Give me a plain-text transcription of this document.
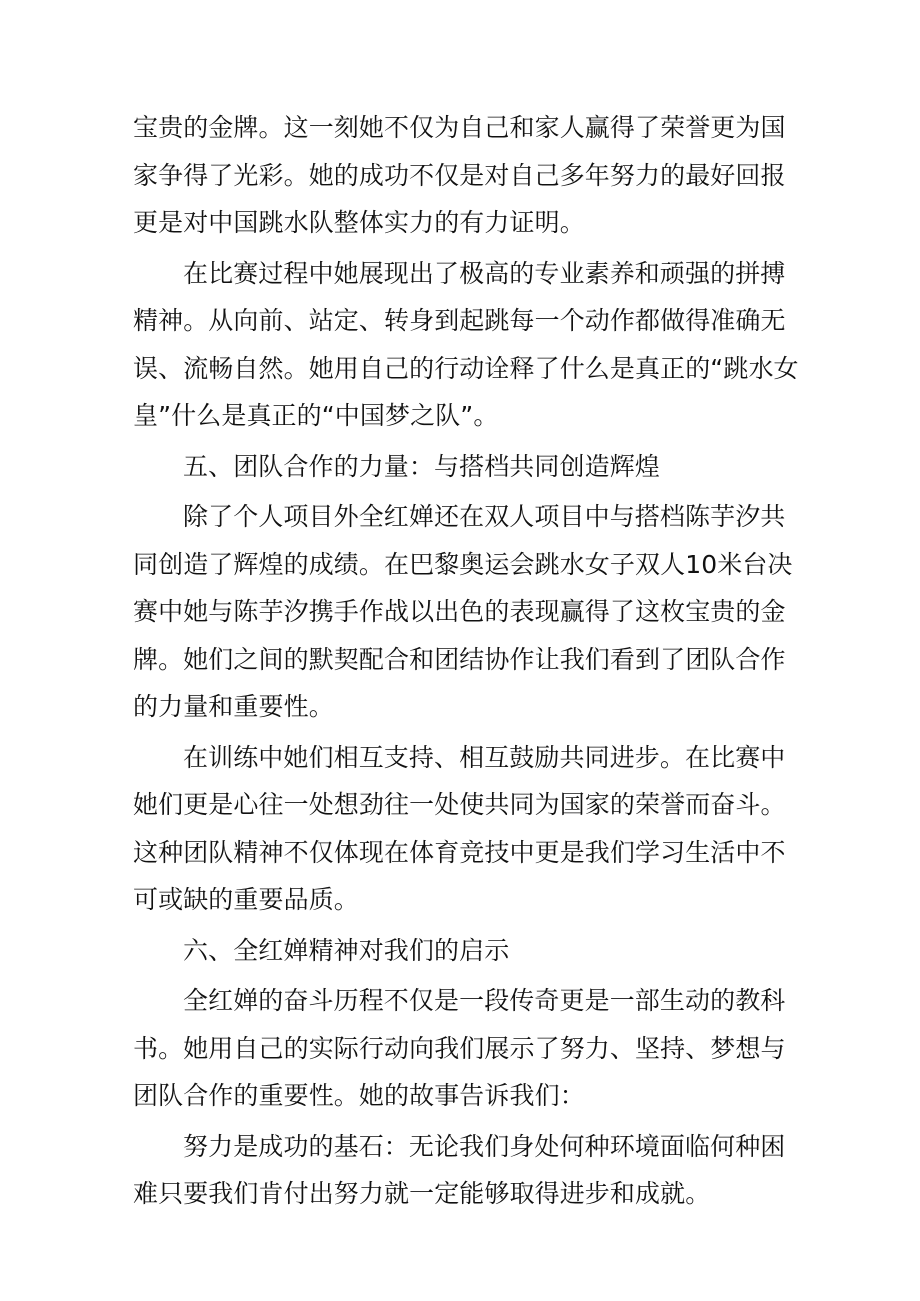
宝贵的金牌。这一刻她不仅为自己和家人赢得了荣誉更为国家争得了光彩。她的成功不仅是对自己多年努力的最好回报更是对中国跳水队整体实力的有力证明。

在比赛过程中她展现出了极高的专业素养和顽强的拼搏精神。从向前、站定、转身到起跳每一个动作都做得准确无误、流畅自然。她用自己的行动诠释了什么是真正的“跳水女皇”什么是真正的“中国梦之队”。

五、团队合作的力量：与搭档共同创造辉煌

除了个人项目外全红婵还在双人项目中与搭档陈芋汐共同创造了辉煌的成绩。在巴黎奥运会跳水女子双人10米台决赛中她与陈芋汐携手作战以出色的表现赢得了这枚宝贵的金牌。她们之间的默契配合和团结协作让我们看到了团队合作的力量和重要性。

在训练中她们相互支持、相互鼓励共同进步。在比赛中她们更是心往一处想劲往一处使共同为国家的荣誉而奋斗。这种团队精神不仅体现在体育竞技中更是我们学习生活中不可或缺的重要品质。

六、全红婵精神对我们的启示

全红婵的奋斗历程不仅是一段传奇更是一部生动的教科书。她用自己的实际行动向我们展示了努力、坚持、梦想与团队合作的重要性。她的故事告诉我们：

努力是成功的基石：无论我们身处何种环境面临何种困难只要我们肯付出努力就一定能够取得进步和成就。
